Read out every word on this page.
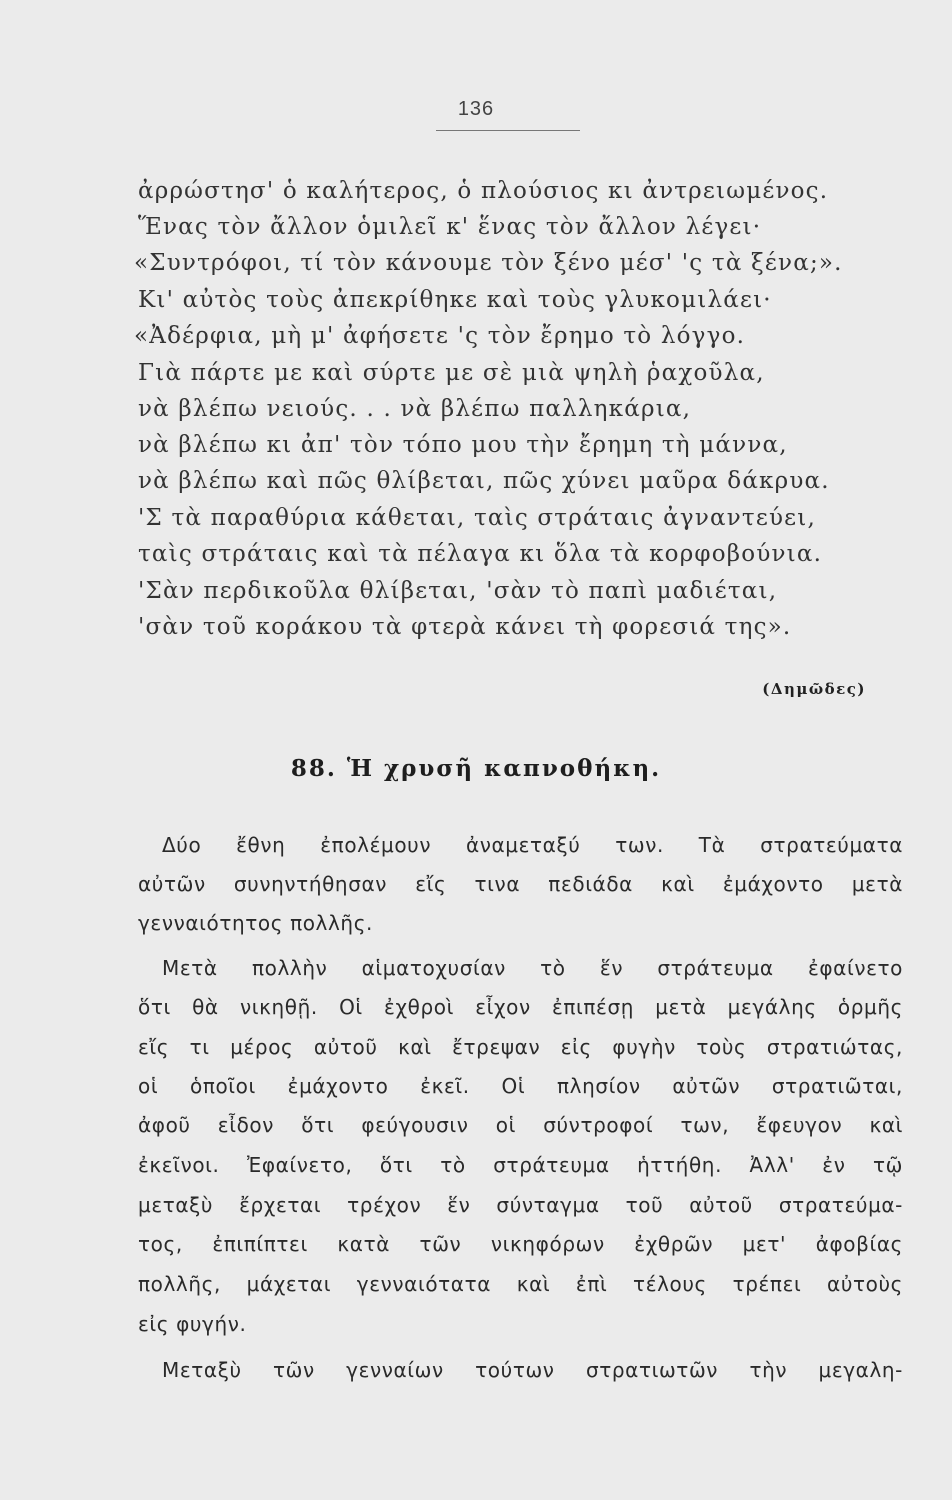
136
ἀρρώστησ' ὁ καλήτερος, ὁ πλούσιος κι ἀντρειωμένος.
Ἕνας τὸν ἄλλον ὁμιλεῖ κ' ἕνας τὸν ἄλλον λέγει·
«Συντρόφοι, τί τὸν κάνουμε τὸν ξένο μέσ' 'ς τὰ ξένα;».
Κι' αὐτὸς τοὺς ἀπεκρίθηκε καὶ τοὺς γλυκομιλάει·
«Ἀδέρφια, μὴ μ' ἀφήσετε 'ς τὸν ἔρημο τὸ λόγγο.
Γιὰ πάρτε με καὶ σύρτε με σὲ μιὰ ψηλὴ ῥαχοῦλα,
νὰ βλέπω νειούς. . . νὰ βλέπω παλληκάρια,
νὰ βλέπω κι ἀπ' τὸν τόπο μου τὴν ἔρημη τὴ μάννα,
νὰ βλέπω καὶ πῶς θλίβεται, πῶς χύνει μαῦρα δάκρυα.
'Σ τὰ παραθύρια κάθεται, ταὶς στράταις ἀγναντεύει,
ταὶς στράταις καὶ τὰ πέλαγα κι ὅλα τὰ κορφοβούνια.
'Σὰν περδικοῦλα θλίβεται, 'σὰν τὸ παπὶ μαδιέται,
'σὰν τοῦ κοράκου τὰ φτερὰ κάνει τὴ φορεσιά της».
(Δημῶδες)
88. Ἡ χρυσῆ καπνοθήκη.
Δύο ἔθνη ἐπολέμουν ἀναμεταξύ των. Τὰ στρατεύματα
αὐτῶν συνηντήθησαν εἴς τινα πεδιάδα καὶ ἐμάχοντο μετὰ
γενναιότητος πολλῆς.
Μετὰ πολλὴν αἱματοχυσίαν τὸ ἕν στράτευμα ἐφαίνετο
ὅτι θὰ νικηθῇ. Οἱ ἐχθροὶ εἶχον ἐπιπέσῃ μετὰ μεγάλης ὁρμῆς
εἴς τι μέρος αὐτοῦ καὶ ἔτρεψαν εἰς φυγὴν τοὺς στρατιώτας,
οἱ ὁποῖοι ἐμάχοντο ἐκεῖ. Οἱ πλησίον αὐτῶν στρατιῶται,
ἀφοῦ εἶδον ὅτι φεύγουσιν οἱ σύντροφοί των, ἔφευγον καὶ
ἐκεῖνοι. Ἐφαίνετο, ὅτι τὸ στράτευμα ἡττήθη. Ἀλλ' ἐν τῷ
μεταξὺ ἔρχεται τρέχον ἕν σύνταγμα τοῦ αὐτοῦ στρατεύμα-
τος, ἐπιπίπτει κατὰ τῶν νικηφόρων ἐχθρῶν μετ' ἀφοβίας
πολλῆς, μάχεται γενναιότατα καὶ ἐπὶ τέλους τρέπει αὐτοὺς
εἰς φυγήν.
Μεταξὺ τῶν γενναίων τούτων στρατιωτῶν τὴν μεγαλη-
